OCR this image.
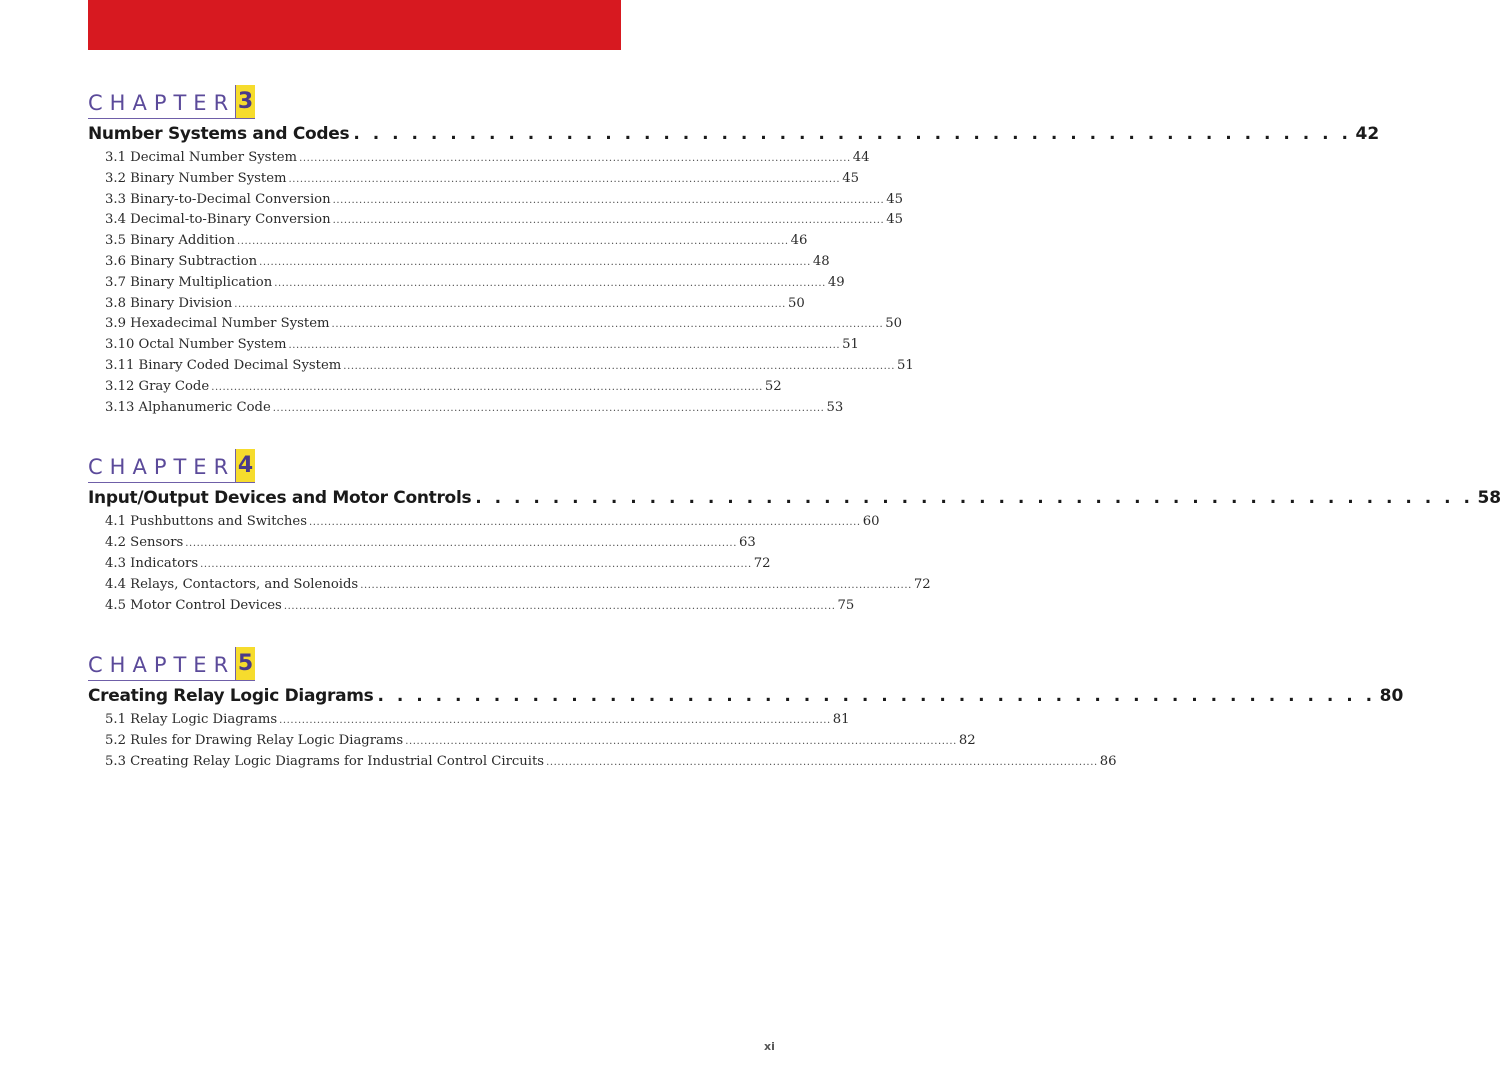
CHAPTER 3
Number Systems and Codes . . . . . . . . . . . . . . . . . . . . . . . . . . . . . . . . . . . . . . . . . . . . . . . . . . . . 42
3.1 Decimal Number System .................................................................................................................................................. 44
3.2 Binary Number System .................................................................................................................................................. 45
3.3 Binary-to-Decimal Conversion .................................................................................................................................................. 45
3.4 Decimal-to-Binary Conversion .................................................................................................................................................. 45
3.5 Binary Addition .................................................................................................................................................. 46
3.6 Binary Subtraction .................................................................................................................................................. 48
3.7 Binary Multiplication .................................................................................................................................................. 49
3.8 Binary Division .................................................................................................................................................. 50
3.9 Hexadecimal Number System .................................................................................................................................................. 50
3.10 Octal Number System .................................................................................................................................................. 51
3.11 Binary Coded Decimal System .................................................................................................................................................. 51
3.12 Gray Code .................................................................................................................................................. 52
3.13 Alphanumeric Code .................................................................................................................................................. 53
CHAPTER 4
Input/Output Devices and Motor Controls . . . . . . . . . . . . . . . . . . . . . . . . . . . . . . . . . . . . . . . . . . . . . . . . . . . . 58
4.1 Pushbuttons and Switches .................................................................................................................................................. 60
4.2 Sensors .................................................................................................................................................. 63
4.3 Indicators .................................................................................................................................................. 72
4.4 Relays, Contactors, and Solenoids .................................................................................................................................................. 72
4.5 Motor Control Devices .................................................................................................................................................. 75
CHAPTER 5
Creating Relay Logic Diagrams . . . . . . . . . . . . . . . . . . . . . . . . . . . . . . . . . . . . . . . . . . . . . . . . . . . . 80
5.1 Relay Logic Diagrams .................................................................................................................................................. 81
5.2 Rules for Drawing Relay Logic Diagrams .................................................................................................................................................. 82
5.3 Creating Relay Logic Diagrams for Industrial Control Circuits .................................................................................................................................................. 86
xi
